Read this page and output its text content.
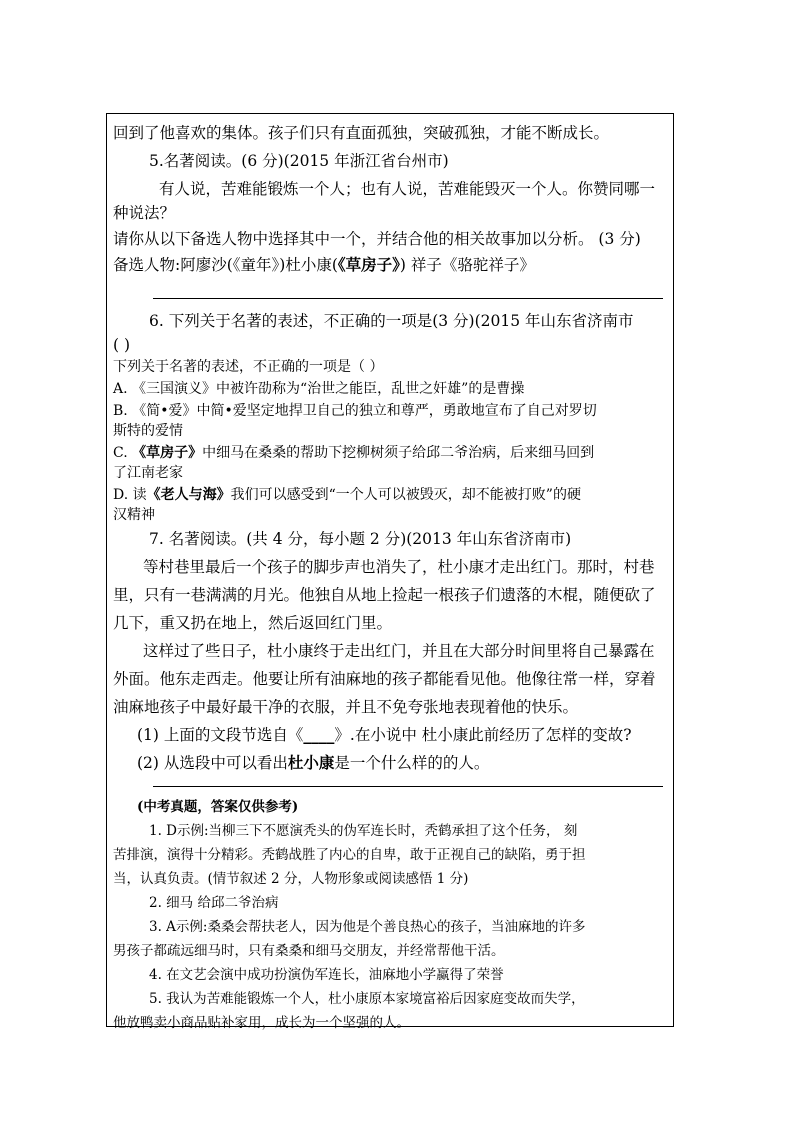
回到了他喜欢的集体。孩子们只有直面孤独，突破孤独，才能不断成长。
5.名著阅读。(6 分)(2015 年浙江省台州市)
有人说，苦难能锻炼一个人；也有人说，苦难能毁灭一个人。你赞同哪一
种说法？
请你从以下备选人物中选择其中一个，并结合他的相关故事加以分析。 (3 分)
备选人物:阿廖沙(《童年》)杜小康(《草房子》) 祥子《骆驼祥子》
6. 下列关于名著的表述，不正确的一项是(3 分)(2015 年山东省济南市
( )
下列关于名著的表述，不正确的一项是（ ）
A. 《三国演义》中被许劭称为“治世之能臣，乱世之奸雄”的是曹操
B. 《简•爱》中简•爱坚定地捍卫自己的独立和尊严，勇敢地宣布了自己对罗切
斯特的爱情
C. 《草房子》中细马在桑桑的帮助下挖柳树须子给邱二爷治病，后来细马回到
了江南老家
D. 读《老人与海》我们可以感受到“一个人可以被毁灭，却不能被打败”的硬
汉精神
7. 名著阅读。(共 4 分，每小题 2 分)(2013 年山东省济南市)
等村巷里最后一个孩子的脚步声也消失了，杜小康才走出红门。那时，村巷
里，只有一巷满满的月光。他独自从地上捡起一根孩子们遗落的木棍，随便砍了
几下，重又扔在地上，然后返回红门里。
这样过了些日子，杜小康终于走出红门，并且在大部分时间里将自己暴露在
外面。他东走西走。他要让所有油麻地的孩子都能看见他。他像往常一样，穿着
油麻地孩子中最好最干净的衣服，并且不免夸张地表现着他的快乐。
(1) 上面的文段节选自《____》.在小说中 杜小康此前经历了怎样的变故?
(2) 从选段中可以看出杜小康是一个什么样的的人。
(中考真题，答案仅供参考)
1. D示例:当柳三下不愿演秃头的伪军连长时，秃鹤承担了这个任务， 刻
苦排演，演得十分精彩。秃鹤战胜了内心的自卑，敢于正视自己的缺陷，勇于担
当，认真负责。(情节叙述 2 分，人物形象或阅读感悟 1 分)
2. 细马 给邱二爷治病
3. A示例:桑桑会帮扶老人，因为他是个善良热心的孩子，当油麻地的许多
男孩子都疏远细马时，只有桑桑和细马交朋友，并经常帮他干活。
4. 在文艺会演中成功扮演伪军连长，油麻地小学赢得了荣誉
5. 我认为苦难能锻炼一个人，杜小康原本家境富裕后因家庭变故而失学，
他放鸭卖小商品贴补家用，成长为一个坚强的人。
